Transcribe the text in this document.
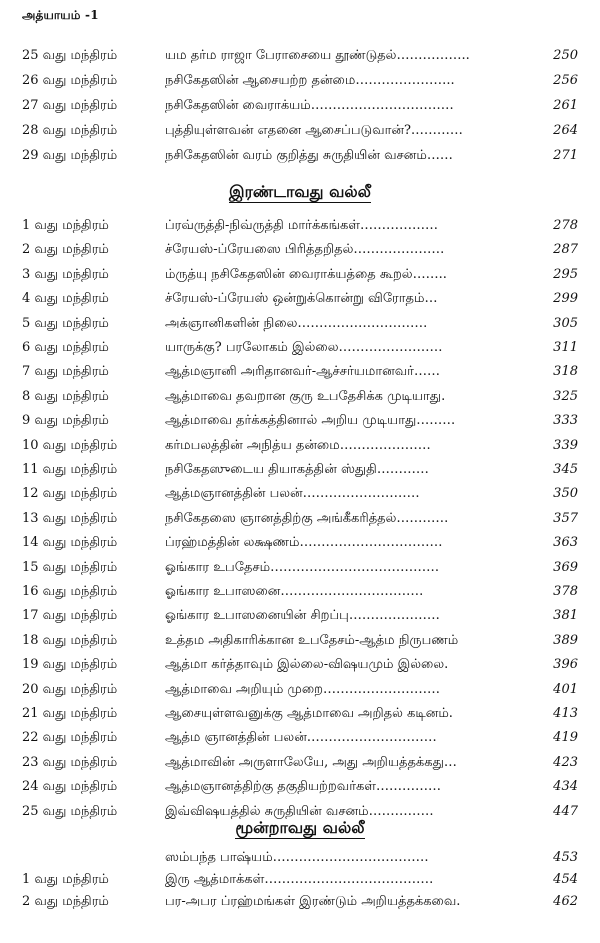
அத்யாயம் -1
25 வது மந்திரம்	யம தர்ம ராஜா பேராசையை தூண்டுதல்……………..	250
26 வது மந்திரம்	நசிகேதஸின் ஆசையற்ற தன்மை…………………..	256
27 வது மந்திரம்	நசிகேதஸின் வைராக்யம்……………………………	261
28 வது மந்திரம்	புத்தியுள்ளவன் எதனை ஆசைப்படுவான்?…………	264
29 வது மந்திரம்	நசிகேதஸின் வரம் குறித்து சுருதியின் வசனம்……	271
இரண்டாவது வல்லீ
1 வது மந்திரம்	ப்ரவ்ருத்தி-நிவ்ருத்தி மார்க்கங்கள்………………	278
2 வது மந்திரம்	ச்ரேயஸ்-ப்ரேயஸை பிரித்தறிதல்…………………	287
3 வது மந்திரம்	ம்ருத்யு நசிகேதஸின் வைராக்யத்தை கூறல்……..	295
4 வது மந்திரம்	ச்ரேயஸ்-ப்ரேயஸ் ஒன்றுக்கொன்று விரோதம்…	299
5 வது மந்திரம்	அக்ஞானிகளின் நிலை…………………………	305
6 வது மந்திரம்	யாருக்கு? பரலோகம் இல்லை……………………	311
7 வது மந்திரம்	ஆத்மஞானி அரிதானவர்-ஆச்சர்யமானவர்……	318
8 வது மந்திரம்	ஆத்மாவை தவறான குரு உபதேசிக்க முடியாது.	325
9 வது மந்திரம்	ஆத்மாவை தர்க்கத்தினால் அறிய முடியாது………	333
10 வது மந்திரம்	கர்மபலத்தின் அநித்ய தன்மை…………………	339
11 வது மந்திரம்	நசிகேதஸுடைய தியாகத்தின் ஸ்துதி…………	345
12 வது மந்திரம்	ஆத்மஞானத்தின் பலன்………………………	350
13 வது மந்திரம்	நசிகேதஸை ஞானத்திற்கு அங்கீகரித்தல்…………	357
14 வது மந்திரம்	ப்ரஹ்மத்தின் லக்ஷணம்……………………………	363
15 வது மந்திரம்	ஓங்கார உபதேசம்…………………………………	369
16 வது மந்திரம்	ஓங்கார உபாஸனை……………………………	378
17 வது மந்திரம்	ஓங்கார உபாஸனையின் சிறப்பு…………………	381
18 வது மந்திரம்	உத்தம அதிகாரிக்கான உபதேசம்-ஆத்ம நிருபணம்	389
19 வது மந்திரம்	ஆத்மா கர்த்தாவும் இல்லை-விஷயமும் இல்லை.	396
20 வது மந்திரம்	ஆத்மாவை அறியும் முறை………………………	401
21 வது மந்திரம்	ஆசையுள்ளவனுக்கு ஆத்மாவை அறிதல் கடினம்.	413
22 வது மந்திரம்	ஆத்ம ஞானத்தின் பலன்…………………………	419
23 வது மந்திரம்	ஆத்மாவின் அருளாலேயே, அது அறியத்தக்கது…	423
24 வது மந்திரம்	ஆத்மஞானத்திற்கு தகுதியற்றவர்கள்……………	434
25 வது மந்திரம்	இவ்விஷயத்தில் சுருதியின் வசனம்……………	447
மூன்றாவது வல்லீ
ஸம்பந்த பாஷ்யம்………………………………	453
1 வது மந்திரம்	இரு ஆத்மாக்கள்…………………………………	454
2 வது மந்திரம்	பர-அபர ப்ரஹ்மங்கள் இரண்டும் அறியத்தக்கவை.	462
